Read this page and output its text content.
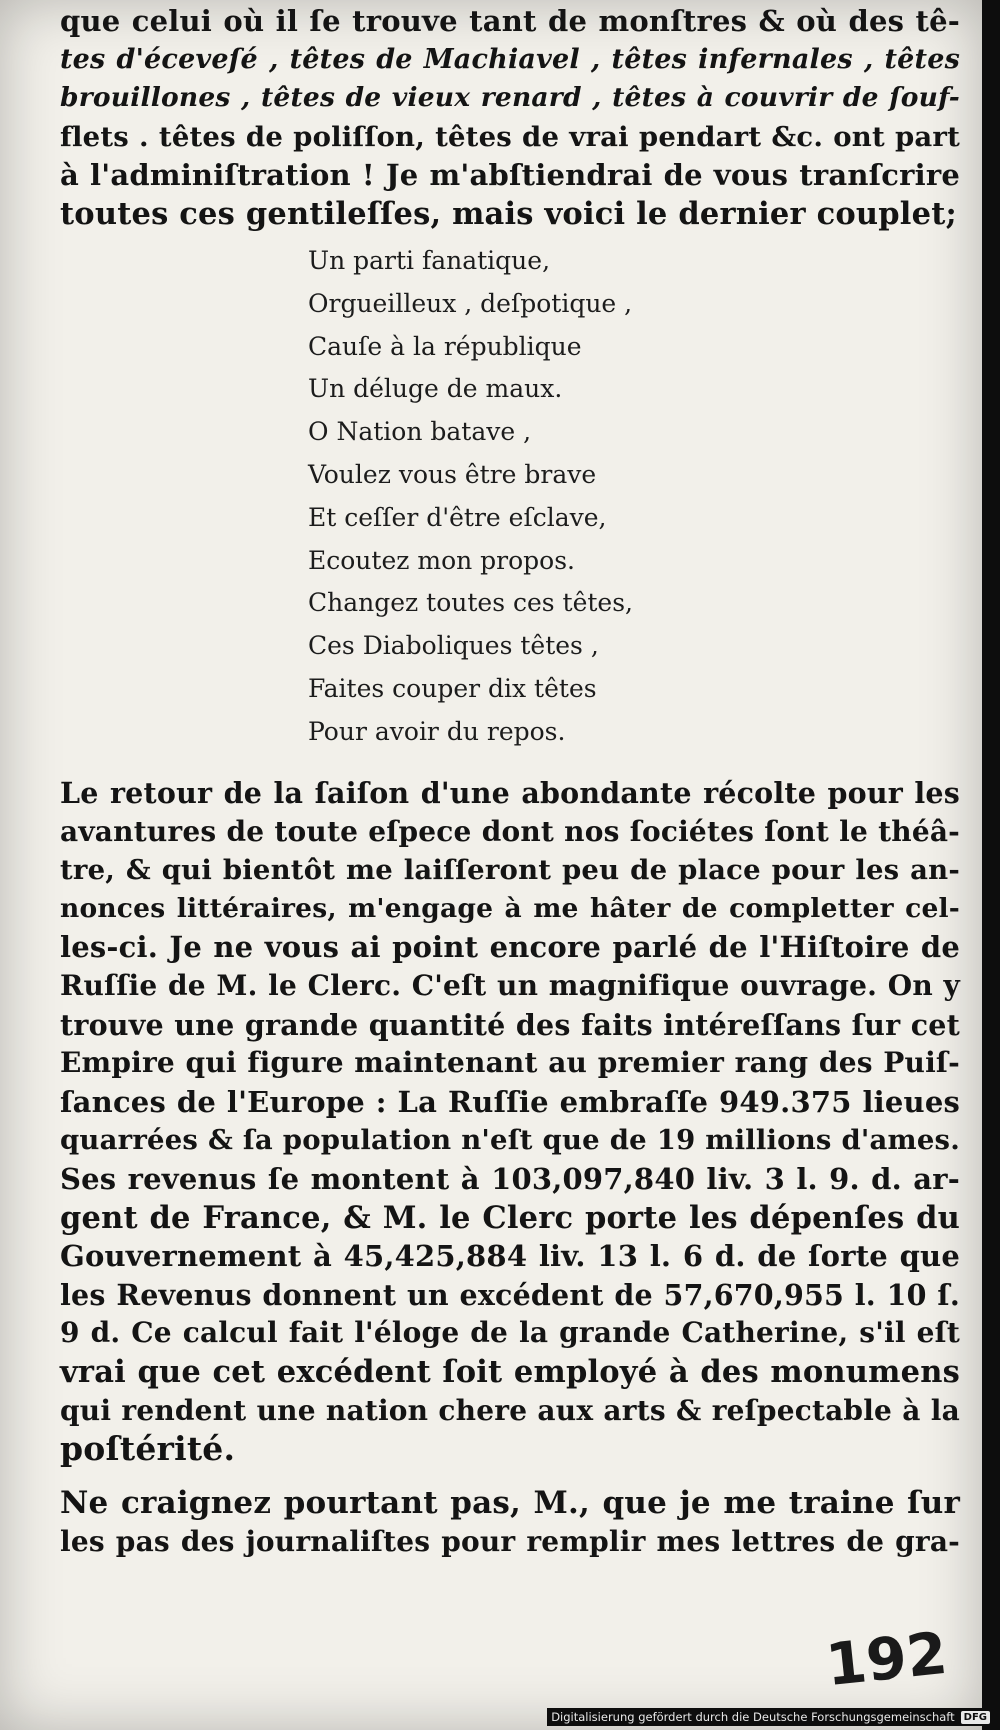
que celui où il ſe trouve tant de monſtres & où des tê-
tes d'éceveſé , têtes de Machiavel , têtes infernales , têtes
brouillones , têtes de vieux renard , têtes à couvrir de ſouf-
flets . têtes de poliſſon, têtes de vrai pendart &c. ont part
à l'adminiſtration ! Je m'abſtiendrai de vous tranſcrire
toutes ces gentileſſes, mais voici le dernier couplet;
Un parti fanatique,
Orgueilleux , deſpotique ,
Cauſe à la république
Un déluge de maux.
O Nation batave ,
Voulez vous être brave
Et ceſſer d'être eſclave,
Ecoutez mon propos.
Changez toutes ces têtes,
Ces Diaboliques têtes ,
Faites couper dix têtes
Pour avoir du repos.
Le retour de la ſaiſon d'une abondante récolte pour les
avantures de toute eſpece dont nos ſociétes ſont le théâ-
tre, & qui bientôt me laiſſeront peu de place pour les an-
nonces littéraires, m'engage à me hâter de completter cel-
les-ci. Je ne vous ai point encore parlé de l'Hiſtoire de
Ruſſie de M. le Clerc. C'eſt un magnifique ouvrage. On y
trouve une grande quantité des faits intéreſſans ſur cet
Empire qui figure maintenant au premier rang des Puiſ-
ſances de l'Europe : La Ruſſie embraſſe 949.375 lieues
quarrées & ſa population n'eſt que de 19 millions d'ames.
Ses revenus ſe montent à 103,097,840 liv. 3 l. 9. d. ar-
gent de France, & M. le Clerc porte les dépenſes du
Gouvernement à 45,425,884 liv. 13 l. 6 d. de ſorte que
les Revenus donnent un excédent de 57,670,955 l. 10 ſ.
9 d. Ce calcul fait l'éloge de la grande Catherine, s'il eſt
vrai que cet excédent ſoit employé à des monumens
qui rendent une nation chere aux arts & reſpectable à la
poſtérité.
Ne craignez pourtant pas, M., que je me traine ſur
les pas des journaliſtes pour remplir mes lettres de gra-
192
Digitalisierung gefördert durch die Deutsche Forschungsgemeinschaft DFG
